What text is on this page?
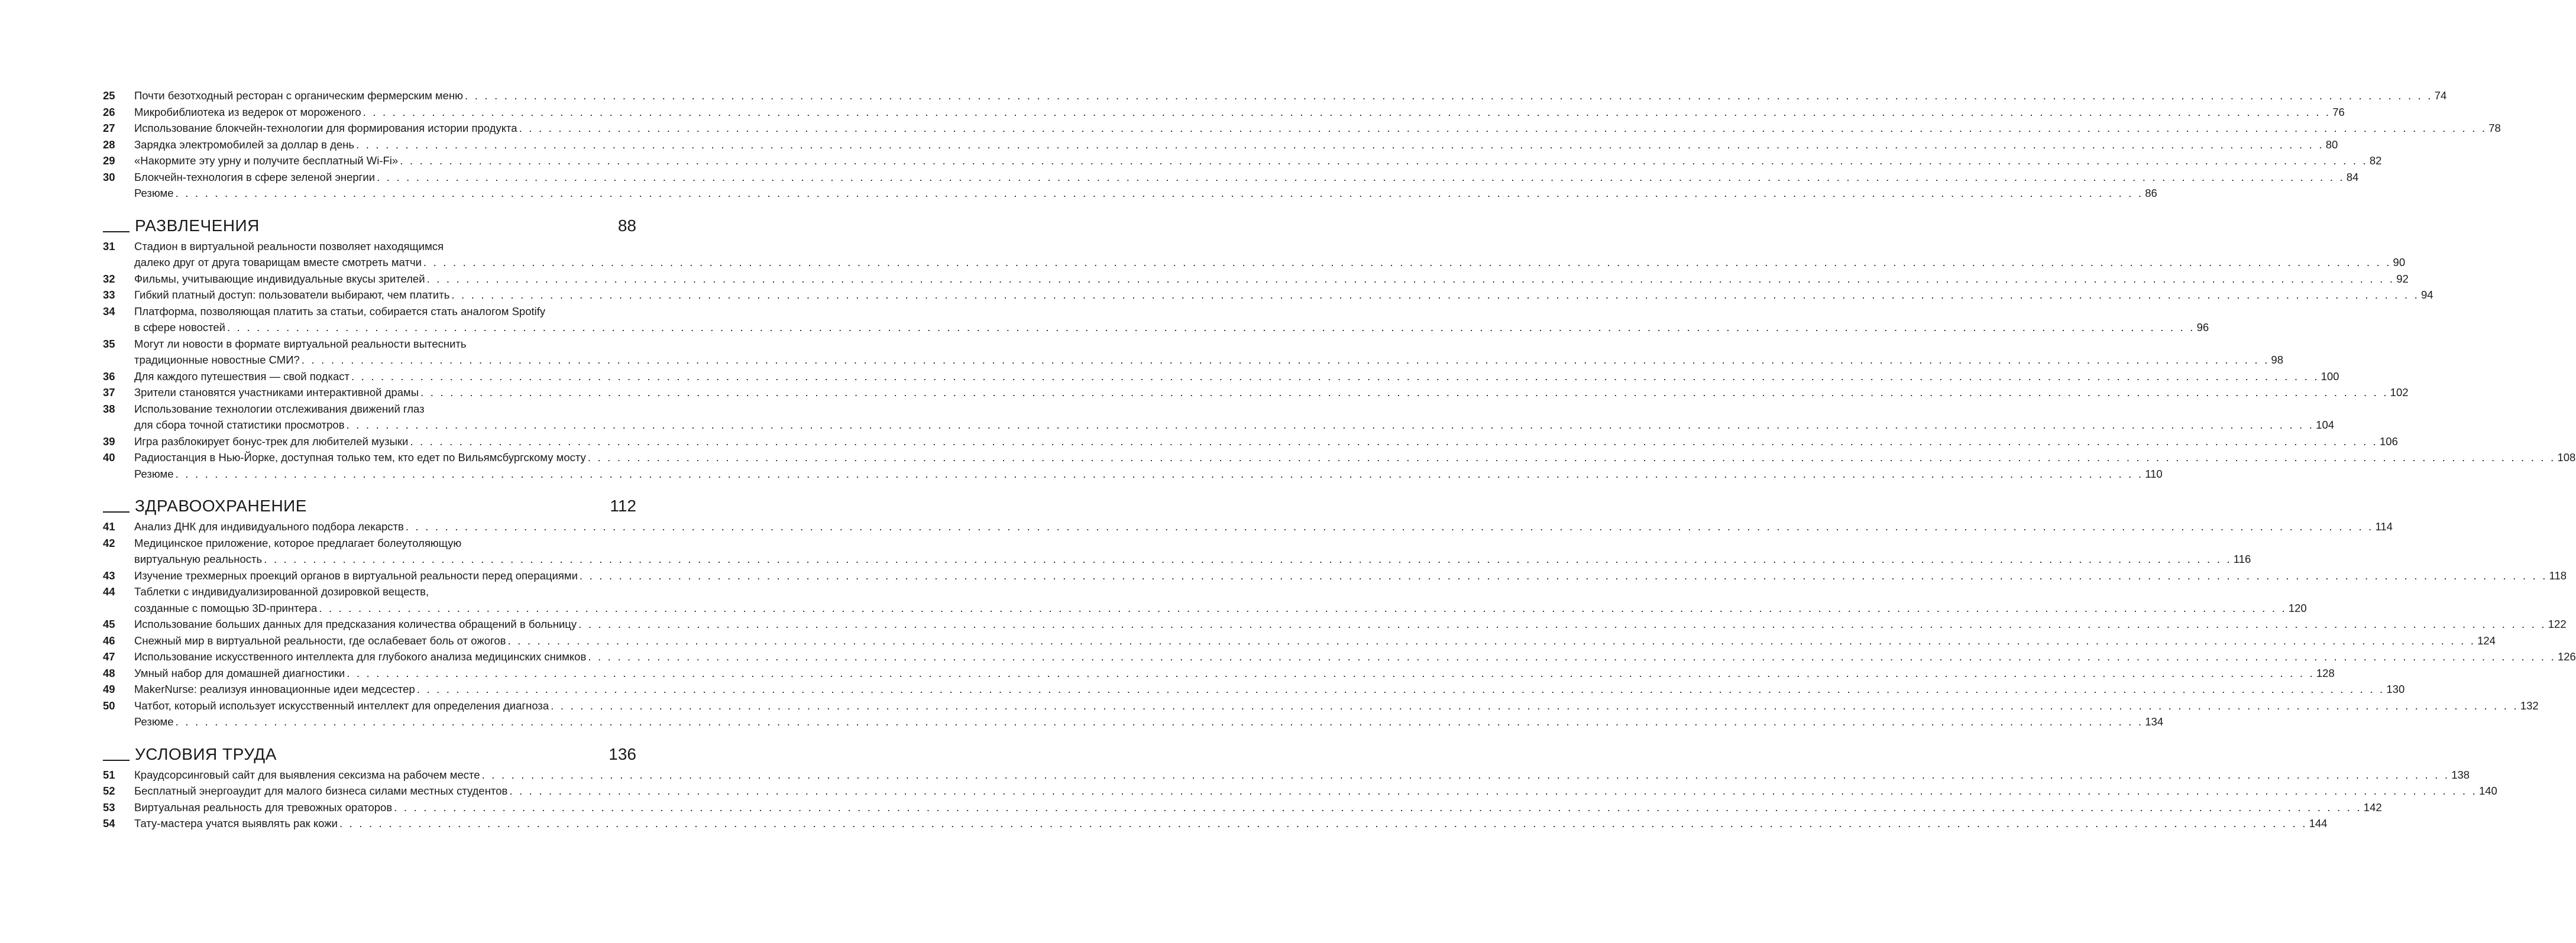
25	Почти безотходный ресторан с органическим фермерским меню . . . . . . . . . . . . . . . . . . . . . . . . . . . . . . . . . . . . . . . . . . . . . . . . . . . . . . . . . . . . . . . . . . . . . . . . . . . . . . . . . . . . . . . . . . . . . . . . . . . . . . . . . . . . . . . . . . . . . . . . . . . . . . . . . . . . . . . . . . . . . . . . . . . . . . . . . . . . . . . . . . . . . . . . . . . . . . . . . . . . . . . . . . . . . . . . . . . . . . . . 74
26	Микробиблиотека из ведерок от мороженого . . . . . . . . . . . . . . . . . . . . . . . . . . . . . . . . . . . . . . . . . . . . . . . . . . . . . . . . . . . . . . . . . . . . . . . . . . . . . . . . . . . . . . . . . . . . . . . . . . . . . . . . . . . . . . . . . . . . . . . . . . . . . . . . . . . . . . . . . . . . . . . . . . . . . . . . . . . . . . . . . . . . . . . . . . . . . . . . . . . . . . . . . . . . . . . . . . . . . . . . 76
27	Использование блокчейн-технологии для формирования истории продукта . . . . . . . . . . . . . . . . . . . . . . . . . . . . . . . . . . . . . . . . . . . . . . . . . . . . . . . . . . . . . . . . . . . . . . . . . . . . . . . . . . . . . . . . . . . . . . . . . . . . . . . . . . . . . . . . . . . . . . . . . . . . . . . . . . . . . . . . . . . . . . . . . . . . . . . . . . . . . . . . . . . . . . . . . . . . . . . . . . . . . . . . . . . . . . . . . . . . . . . . 78
28	Зарядка электромобилей за доллар в день . . . . . . . . . . . . . . . . . . . . . . . . . . . . . . . . . . . . . . . . . . . . . . . . . . . . . . . . . . . . . . . . . . . . . . . . . . . . . . . . . . . . . . . . . . . . . . . . . . . . . . . . . . . . . . . . . . . . . . . . . . . . . . . . . . . . . . . . . . . . . . . . . . . . . . . . . . . . . . . . . . . . . . . . . . . . . . . . . . . . . . . . . . . . . . . . . . . . . . . . 80
29	«Накормите эту урну и получите бесплатный Wi-Fi» . . . . . . . . . . . . . . . . . . . . . . . . . . . . . . . . . . . . . . . . . . . . . . . . . . . . . . . . . . . . . . . . . . . . . . . . . . . . . . . . . . . . . . . . . . . . . . . . . . . . . . . . . . . . . . . . . . . . . . . . . . . . . . . . . . . . . . . . . . . . . . . . . . . . . . . . . . . . . . . . . . . . . . . . . . . . . . . . . . . . . . . . . . . . . . . . . . . . . . . . 82
30	Блокчейн-технология в сфере зеленой энергии . . . . . . . . . . . . . . . . . . . . . . . . . . . . . . . . . . . . . . . . . . . . . . . . . . . . . . . . . . . . . . . . . . . . . . . . . . . . . . . . . . . . . . . . . . . . . . . . . . . . . . . . . . . . . . . . . . . . . . . . . . . . . . . . . . . . . . . . . . . . . . . . . . . . . . . . . . . . . . . . . . . . . . . . . . . . . . . . . . . . . . . . . . . . . . . . . . . . . . . . 84
Резюме . . . . . . . . . . . . . . . . . . . . . . . . . . . . . . . . . . . . . . . . . . . . . . . . . . . . . . . . . . . . . . . . . . . . . . . . . . . . . . . . . . . . . . . . . . . . . . . . . . . . . . . . . . . . . . . . . . . . . . . . . . . . . . . . . . . . . . . . . . . . . . . . . . . . . . . . . . . . . . . . . . . . . . . . . . . . . . . . . . . . . . . . . . . . . . . . . . . . . . . . 86
РАЗВЛЕЧЕНИЯ	88
31	Стадион в виртуальной реальности позволяет находящимся
далеко друг от друга товарищам вместе смотреть матчи . . . . . . . . . . . . . . . . . . . . . . . . . . . . . . . . . . . . . . . . . . . . . . . . . . . . . . . . . . . . . . . . . . . . . . . . . . . . . . . . . . . . . . . . . . . . . . . . . . . . . . . . . . . . . . . . . . . . . . . . . . . . . . . . . . . . . . . . . . . . . . . . . . . . . . . . . . . . . . . . . . . . . . . . . . . . . . . . . . . . . . . . . . . . . . . . . . . . . . . . 90
32	Фильмы, учитывающие индивидуальные вкусы зрителей . . . . . . . . . . . . . . . . . . . . . . . . . . . . . . . . . . . . . . . . . . . . . . . . . . . . . . . . . . . . . . . . . . . . . . . . . . . . . . . . . . . . . . . . . . . . . . . . . . . . . . . . . . . . . . . . . . . . . . . . . . . . . . . . . . . . . . . . . . . . . . . . . . . . . . . . . . . . . . . . . . . . . . . . . . . . . . . . . . . . . . . . . . . . . . . . . . . . . . . . 92
33	Гибкий платный доступ: пользователи выбирают, чем платить . . . . . . . . . . . . . . . . . . . . . . . . . . . . . . . . . . . . . . . . . . . . . . . . . . . . . . . . . . . . . . . . . . . . . . . . . . . . . . . . . . . . . . . . . . . . . . . . . . . . . . . . . . . . . . . . . . . . . . . . . . . . . . . . . . . . . . . . . . . . . . . . . . . . . . . . . . . . . . . . . . . . . . . . . . . . . . . . . . . . . . . . . . . . . . . . . . . . . . . . 94
34	Платформа, позволяющая платить за статьи, собирается стать аналогом Spotify
в сфере новостей . . . . . . . . . . . . . . . . . . . . . . . . . . . . . . . . . . . . . . . . . . . . . . . . . . . . . . . . . . . . . . . . . . . . . . . . . . . . . . . . . . . . . . . . . . . . . . . . . . . . . . . . . . . . . . . . . . . . . . . . . . . . . . . . . . . . . . . . . . . . . . . . . . . . . . . . . . . . . . . . . . . . . . . . . . . . . . . . . . . . . . . . . . . . . . . . . . . . . . . . 96
35	Могут ли новости в формате виртуальной реальности вытеснить
традиционные новостные СМИ? . . . . . . . . . . . . . . . . . . . . . . . . . . . . . . . . . . . . . . . . . . . . . . . . . . . . . . . . . . . . . . . . . . . . . . . . . . . . . . . . . . . . . . . . . . . . . . . . . . . . . . . . . . . . . . . . . . . . . . . . . . . . . . . . . . . . . . . . . . . . . . . . . . . . . . . . . . . . . . . . . . . . . . . . . . . . . . . . . . . . . . . . . . . . . . . . . . . . . . . . 98
36	Для каждого путешествия — свой подкаст . . . . . . . . . . . . . . . . . . . . . . . . . . . . . . . . . . . . . . . . . . . . . . . . . . . . . . . . . . . . . . . . . . . . . . . . . . . . . . . . . . . . . . . . . . . . . . . . . . . . . . . . . . . . . . . . . . . . . . . . . . . . . . . . . . . . . . . . . . . . . . . . . . . . . . . . . . . . . . . . . . . . . . . . . . . . . . . . . . . . . . . . . . . . . . . . . . . . . . . . 100
37	Зрители становятся участниками интерактивной драмы . . . . . . . . . . . . . . . . . . . . . . . . . . . . . . . . . . . . . . . . . . . . . . . . . . . . . . . . . . . . . . . . . . . . . . . . . . . . . . . . . . . . . . . . . . . . . . . . . . . . . . . . . . . . . . . . . . . . . . . . . . . . . . . . . . . . . . . . . . . . . . . . . . . . . . . . . . . . . . . . . . . . . . . . . . . . . . . . . . . . . . . . . . . . . . . . . . . . . . . . 102
38	Использование технологии отслеживания движений глаз
для сбора точной статистики просмотров . . . . . . . . . . . . . . . . . . . . . . . . . . . . . . . . . . . . . . . . . . . . . . . . . . . . . . . . . . . . . . . . . . . . . . . . . . . . . . . . . . . . . . . . . . . . . . . . . . . . . . . . . . . . . . . . . . . . . . . . . . . . . . . . . . . . . . . . . . . . . . . . . . . . . . . . . . . . . . . . . . . . . . . . . . . . . . . . . . . . . . . . . . . . . . . . . . . . . . . . 104
39	Игра разблокирует бонус-трек для любителей музыки . . . . . . . . . . . . . . . . . . . . . . . . . . . . . . . . . . . . . . . . . . . . . . . . . . . . . . . . . . . . . . . . . . . . . . . . . . . . . . . . . . . . . . . . . . . . . . . . . . . . . . . . . . . . . . . . . . . . . . . . . . . . . . . . . . . . . . . . . . . . . . . . . . . . . . . . . . . . . . . . . . . . . . . . . . . . . . . . . . . . . . . . . . . . . . . . . . . . . . . . 106
40	Радиостанция в Нью-Йорке, доступная только тем, кто едет по Вильямсбургскому мосту . . . . . . . . . . . . . . . . . . . . . . . . . . . . . . . . . . . . . . . . . . . . . . . . . . . . . . . . . . . . . . . . . . . . . . . . . . . . . . . . . . . . . . . . . . . . . . . . . . . . . . . . . . . . . . . . . . . . . . . . . . . . . . . . . . . . . . . . . . . . . . . . . . . . . . . . . . . . . . . . . . . . . . . . . . . . . . . . . . . . . . . . . . . . . . . . . . . . . . . . 108
Резюме . . . . . . . . . . . . . . . . . . . . . . . . . . . . . . . . . . . . . . . . . . . . . . . . . . . . . . . . . . . . . . . . . . . . . . . . . . . . . . . . . . . . . . . . . . . . . . . . . . . . . . . . . . . . . . . . . . . . . . . . . . . . . . . . . . . . . . . . . . . . . . . . . . . . . . . . . . . . . . . . . . . . . . . . . . . . . . . . . . . . . . . . . . . . . . . . . . . . . . . . 110
ЗДРАВООХРАНЕНИЕ	112
41	Анализ ДНК для индивидуального подбора лекарств . . . . . . . . . . . . . . . . . . . . . . . . . . . . . . . . . . . . . . . . . . . . . . . . . . . . . . . . . . . . . . . . . . . . . . . . . . . . . . . . . . . . . . . . . . . . . . . . . . . . . . . . . . . . . . . . . . . . . . . . . . . . . . . . . . . . . . . . . . . . . . . . . . . . . . . . . . . . . . . . . . . . . . . . . . . . . . . . . . . . . . . . . . . . . . . . . . . . . . . . 114
42	Медицинское приложение, которое предлагает болеутоляющую
виртуальную реальность . . . . . . . . . . . . . . . . . . . . . . . . . . . . . . . . . . . . . . . . . . . . . . . . . . . . . . . . . . . . . . . . . . . . . . . . . . . . . . . . . . . . . . . . . . . . . . . . . . . . . . . . . . . . . . . . . . . . . . . . . . . . . . . . . . . . . . . . . . . . . . . . . . . . . . . . . . . . . . . . . . . . . . . . . . . . . . . . . . . . . . . . . . . . . . . . . . . . . . . . 116
43	Изучение трехмерных проекций органов в виртуальной реальности перед операциями . . . . . . . . . . . . . . . . . . . . . . . . . . . . . . . . . . . . . . . . . . . . . . . . . . . . . . . . . . . . . . . . . . . . . . . . . . . . . . . . . . . . . . . . . . . . . . . . . . . . . . . . . . . . . . . . . . . . . . . . . . . . . . . . . . . . . . . . . . . . . . . . . . . . . . . . . . . . . . . . . . . . . . . . . . . . . . . . . . . . . . . . . . . . . . . . . . . . . . . . 118
44	Таблетки с индивидуализированной дозировкой веществ,
созданные с помощью 3D-принтера . . . . . . . . . . . . . . . . . . . . . . . . . . . . . . . . . . . . . . . . . . . . . . . . . . . . . . . . . . . . . . . . . . . . . . . . . . . . . . . . . . . . . . . . . . . . . . . . . . . . . . . . . . . . . . . . . . . . . . . . . . . . . . . . . . . . . . . . . . . . . . . . . . . . . . . . . . . . . . . . . . . . . . . . . . . . . . . . . . . . . . . . . . . . . . . . . . . . . . . . 120
45	Использование больших данных для предсказания количества обращений в больницу . . . . . . . . . . . . . . . . . . . . . . . . . . . . . . . . . . . . . . . . . . . . . . . . . . . . . . . . . . . . . . . . . . . . . . . . . . . . . . . . . . . . . . . . . . . . . . . . . . . . . . . . . . . . . . . . . . . . . . . . . . . . . . . . . . . . . . . . . . . . . . . . . . . . . . . . . . . . . . . . . . . . . . . . . . . . . . . . . . . . . . . . . . . . . . . . . . . . . . . . 122
46	Снежный мир в виртуальной реальности, где ослабевает боль от ожогов . . . . . . . . . . . . . . . . . . . . . . . . . . . . . . . . . . . . . . . . . . . . . . . . . . . . . . . . . . . . . . . . . . . . . . . . . . . . . . . . . . . . . . . . . . . . . . . . . . . . . . . . . . . . . . . . . . . . . . . . . . . . . . . . . . . . . . . . . . . . . . . . . . . . . . . . . . . . . . . . . . . . . . . . . . . . . . . . . . . . . . . . . . . . . . . . . . . . . . . . 124
47	Использование искусственного интеллекта для глубокого анализа медицинских снимков . . . . . . . . . . . . . . . . . . . . . . . . . . . . . . . . . . . . . . . . . . . . . . . . . . . . . . . . . . . . . . . . . . . . . . . . . . . . . . . . . . . . . . . . . . . . . . . . . . . . . . . . . . . . . . . . . . . . . . . . . . . . . . . . . . . . . . . . . . . . . . . . . . . . . . . . . . . . . . . . . . . . . . . . . . . . . . . . . . . . . . . . . . . . . . . . . . . . . . . . 126
48	Умный набор для домашней диагностики . . . . . . . . . . . . . . . . . . . . . . . . . . . . . . . . . . . . . . . . . . . . . . . . . . . . . . . . . . . . . . . . . . . . . . . . . . . . . . . . . . . . . . . . . . . . . . . . . . . . . . . . . . . . . . . . . . . . . . . . . . . . . . . . . . . . . . . . . . . . . . . . . . . . . . . . . . . . . . . . . . . . . . . . . . . . . . . . . . . . . . . . . . . . . . . . . . . . . . . . 128
49	MakerNurse: реализуя инновационные идеи медсестер . . . . . . . . . . . . . . . . . . . . . . . . . . . . . . . . . . . . . . . . . . . . . . . . . . . . . . . . . . . . . . . . . . . . . . . . . . . . . . . . . . . . . . . . . . . . . . . . . . . . . . . . . . . . . . . . . . . . . . . . . . . . . . . . . . . . . . . . . . . . . . . . . . . . . . . . . . . . . . . . . . . . . . . . . . . . . . . . . . . . . . . . . . . . . . . . . . . . . . . . 130
50	Чатбот, который использует искусственный интеллект для определения диагноза . . . . . . . . . . . . . . . . . . . . . . . . . . . . . . . . . . . . . . . . . . . . . . . . . . . . . . . . . . . . . . . . . . . . . . . . . . . . . . . . . . . . . . . . . . . . . . . . . . . . . . . . . . . . . . . . . . . . . . . . . . . . . . . . . . . . . . . . . . . . . . . . . . . . . . . . . . . . . . . . . . . . . . . . . . . . . . . . . . . . . . . . . . . . . . . . . . . . . . . . 132
Резюме . . . . . . . . . . . . . . . . . . . . . . . . . . . . . . . . . . . . . . . . . . . . . . . . . . . . . . . . . . . . . . . . . . . . . . . . . . . . . . . . . . . . . . . . . . . . . . . . . . . . . . . . . . . . . . . . . . . . . . . . . . . . . . . . . . . . . . . . . . . . . . . . . . . . . . . . . . . . . . . . . . . . . . . . . . . . . . . . . . . . . . . . . . . . . . . . . . . . . . . . 134
УСЛОВИЯ ТРУДА	136
51	Краудсорсинговый сайт для выявления сексизма на рабочем месте . . . . . . . . . . . . . . . . . . . . . . . . . . . . . . . . . . . . . . . . . . . . . . . . . . . . . . . . . . . . . . . . . . . . . . . . . . . . . . . . . . . . . . . . . . . . . . . . . . . . . . . . . . . . . . . . . . . . . . . . . . . . . . . . . . . . . . . . . . . . . . . . . . . . . . . . . . . . . . . . . . . . . . . . . . . . . . . . . . . . . . . . . . . . . . . . . . . . . . . . 138
52	Бесплатный энергоаудит для малого бизнеса силами местных студентов . . . . . . . . . . . . . . . . . . . . . . . . . . . . . . . . . . . . . . . . . . . . . . . . . . . . . . . . . . . . . . . . . . . . . . . . . . . . . . . . . . . . . . . . . . . . . . . . . . . . . . . . . . . . . . . . . . . . . . . . . . . . . . . . . . . . . . . . . . . . . . . . . . . . . . . . . . . . . . . . . . . . . . . . . . . . . . . . . . . . . . . . . . . . . . . . . . . . . . . . 140
53	Виртуальная реальность для тревожных ораторов . . . . . . . . . . . . . . . . . . . . . . . . . . . . . . . . . . . . . . . . . . . . . . . . . . . . . . . . . . . . . . . . . . . . . . . . . . . . . . . . . . . . . . . . . . . . . . . . . . . . . . . . . . . . . . . . . . . . . . . . . . . . . . . . . . . . . . . . . . . . . . . . . . . . . . . . . . . . . . . . . . . . . . . . . . . . . . . . . . . . . . . . . . . . . . . . . . . . . . . . 142
54	Тату-мастера учатся выявлять рак кожи . . . . . . . . . . . . . . . . . . . . . . . . . . . . . . . . . . . . . . . . . . . . . . . . . . . . . . . . . . . . . . . . . . . . . . . . . . . . . . . . . . . . . . . . . . . . . . . . . . . . . . . . . . . . . . . . . . . . . . . . . . . . . . . . . . . . . . . . . . . . . . . . . . . . . . . . . . . . . . . . . . . . . . . . . . . . . . . . . . . . . . . . . . . . . . . . . . . . . . . . 144
